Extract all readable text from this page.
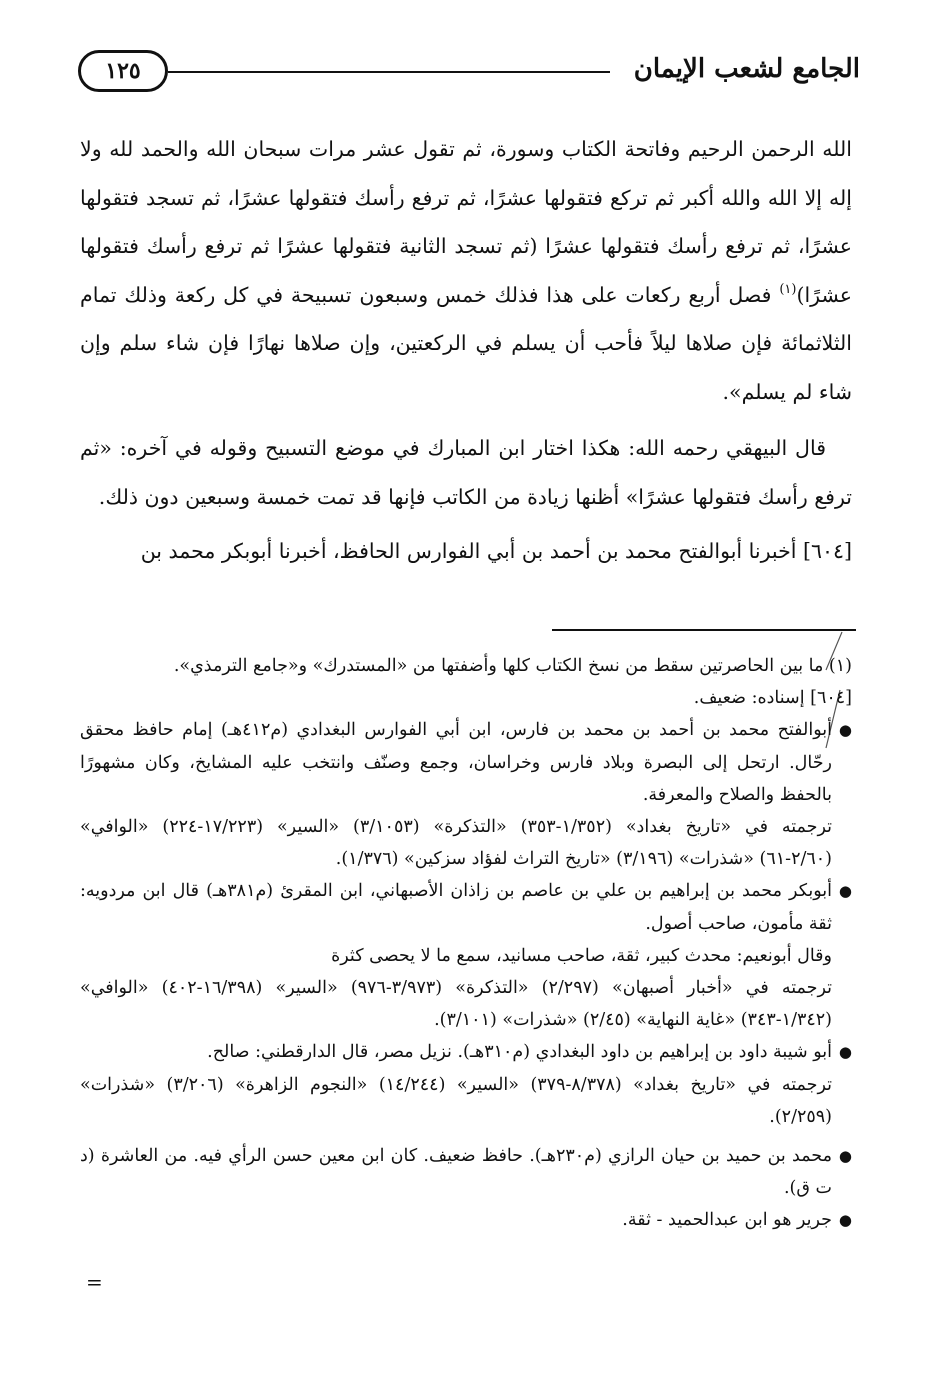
١٢٥	الجامع لشعب الإيمان

الله الرحمن الرحيم وفاتحة الكتاب وسورة، ثم تقول عشر مرات سبحان الله والحمد لله ولا إله إلا الله والله أكبر ثم تركع فتقولها عشرًا، ثم ترفع رأسك فتقولها عشرًا، ثم تسجد فتقولها عشرًا، ثم ترفع رأسك فتقولها عشرًا (ثم تسجد الثانية فتقولها عشرًا ثم ترفع رأسك فتقولها عشرًا)$^{(١)}$ فصل أربع ركعات على هذا فذلك خمس وسبعون تسبيحة في كل ركعة وذلك تمام الثلاثمائة فإن صلاها ليلاً فأحب أن يسلم في الركعتين، وإن صلاها نهارًا فإن شاء سلم وإن شاء لم يسلم».

قال البيهقي رحمه الله: هكذا اختار ابن المبارك في موضع التسبيح وقوله في آخره: «ثم ترفع رأسك فتقولها عشرًا» أظنها زيادة من الكاتب فإنها قد تمت خمسة وسبعين دون ذلك.

[٦٠٤] أخبرنا أبوالفتح محمد بن أحمد بن أبي الفوارس الحافظ، أخبرنا أبوبكر محمد بن

(١) ما بين الحاصرتين سقط من نسخ الكتاب كلها وأضفتها من «المستدرك» و«جامع الترمذي».

[٦٠٤] إسناده: ضعيف.

●

أبوالفتح محمد بن أحمد بن محمد بن فارس، ابن أبي الفوارس البغدادي (م٤١٢هـ) إمام حافظ محقق رحّال. ارتحل إلى البصرة وبلاد فارس وخراسان، وجمع وصنّف وانتخب عليه المشايخ، وكان مشهورًا بالحفظ والصلاح والمعرفة.

ترجمته في «تاريخ بغداد» (١/٣٥٢-٣٥٣) «التذكرة» (٣/١٠٥٣) «السير» (١٧/٢٢٣-٢٢٤) «الوافي» (٢/٦٠-٦١) «شذرات» (٣/١٩٦) «تاريخ التراث لفؤاد سزكين» (١/٣٧٦).

●

أبوبكر محمد بن إبراهيم بن علي بن عاصم بن زاذان الأصبهاني، ابن المقرئ (م٣٨١هـ) قال ابن مردويه: ثقة مأمون، صاحب أصول.

وقال أبونعيم: محدث كبير، ثقة، صاحب مسانيد، سمع ما لا يحصى كثرة

ترجمته في «أخبار أصبهان» (٢/٢٩٧) «التذكرة» (٣/٩٧٣-٩٧٦) «السير» (١٦/٣٩٨-٤٠٢) «الوافي» (١/٣٤٢-٣٤٣) «غاية النهاية» (٢/٤٥) «شذرات» (٣/١٠١).

●

أبو شيبة داود بن إبراهيم بن داود البغدادي (م٣١٠هـ). نزيل مصر، قال الدارقطني: صالح.

ترجمته في «تاريخ بغداد» (٨/٣٧٨-٣٧٩) «السير» (١٤/٢٤٤) «النجوم الزاهرة» (٣/٢٠٦) «شذرات» (٢/٢٥٩).

●

محمد بن حميد بن حيان الرازي (م٢٣٠هـ). حافظ ضعيف. كان ابن معين حسن الرأي فيه. من العاشرة (د ت ق).

●

جرير هو ابن عبدالحميد - ثقة.

=
